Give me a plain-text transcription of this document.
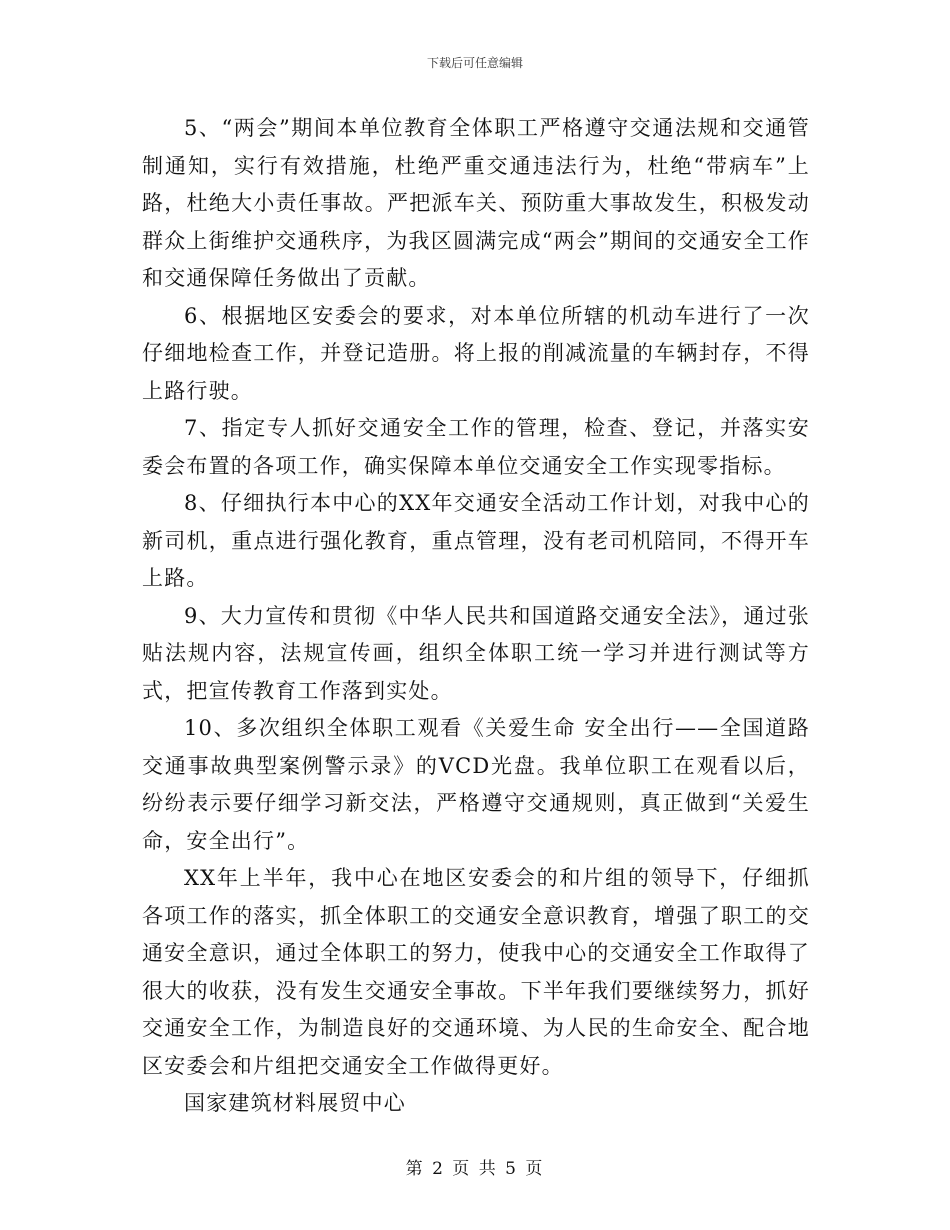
下载后可任意编辑

5、“两会”期间本单位教育全体职工严格遵守交通法规和交通管制通知，实行有效措施，杜绝严重交通违法行为，杜绝“带病车”上路，杜绝大小责任事故。严把派车关、预防重大事故发生，积极发动群众上街维护交通秩序，为我区圆满完成“两会”期间的交通安全工作和交通保障任务做出了贡献。

6、根据地区安委会的要求，对本单位所辖的机动车进行了一次仔细地检查工作，并登记造册。将上报的削减流量的车辆封存，不得上路行驶。

7、指定专人抓好交通安全工作的管理，检查、登记，并落实安委会布置的各项工作，确实保障本单位交通安全工作实现零指标。

8、仔细执行本中心的XX年交通安全活动工作计划，对我中心的新司机，重点进行强化教育，重点管理，没有老司机陪同，不得开车上路。

9、大力宣传和贯彻《中华人民共和国道路交通安全法》，通过张贴法规内容，法规宣传画，组织全体职工统一学习并进行测试等方式，把宣传教育工作落到实处。

10、多次组织全体职工观看《关爱生命 安全出行——全国道路交通事故典型案例警示录》的VCD光盘。我单位职工在观看以后，纷纷表示要仔细学习新交法，严格遵守交通规则，真正做到“关爱生命，安全出行”。

XX年上半年，我中心在地区安委会的和片组的领导下，仔细抓各项工作的落实，抓全体职工的交通安全意识教育，增强了职工的交通安全意识，通过全体职工的努力，使我中心的交通安全工作取得了很大的收获，没有发生交通安全事故。下半年我们要继续努力，抓好交通安全工作，为制造良好的交通环境、为人民的生命安全、配合地区安委会和片组把交通安全工作做得更好。

国家建筑材料展贸中心

第 2 页 共 5 页
